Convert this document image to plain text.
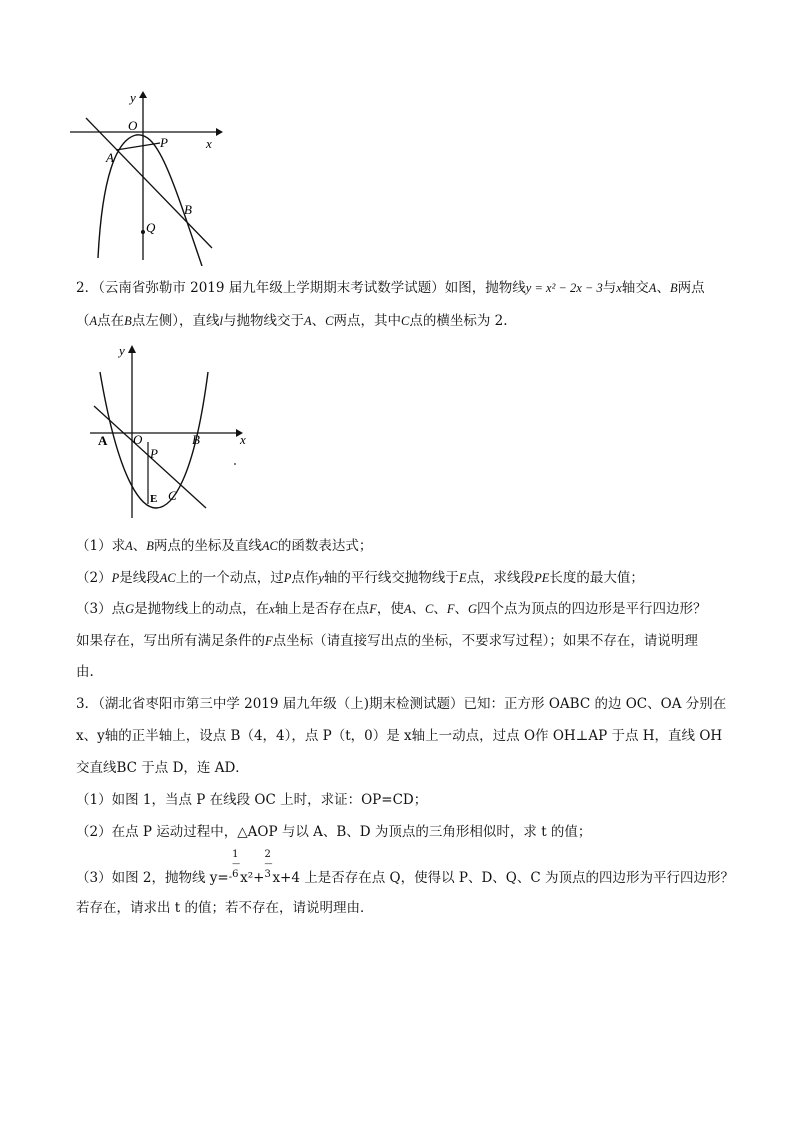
y
x
O
P
A
B
Q
2．（云南省弥勒市 2019 届九年级上学期期末考试数学试题）如图，抛物线y = x² − 2x − 3与x轴交A、B两点
（A点在B点左侧），直线l与抛物线交于A、C两点，其中C点的横坐标为 2.
y
x
A O	B
P
E C
（1）求A、B两点的坐标及直线AC的函数表达式；
（2）P是线段AC上的一个动点，过P点作y轴的平行线交抛物线于E点，求线段PE长度的最大值；
（3）点G是抛物线上的动点，在x轴上是否存在点F，使A、C、F、G四个点为顶点的四边形是平行四边形？
如果存在，写出所有满足条件的F点坐标（请直接写出点的坐标，不要求写过程）；如果不存在，请说明理
由.
3．（湖北省枣阳市第三中学 2019 届九年级（上)期末检测试题）已知：正方形 OABC 的边 OC、OA 分别在
x、y轴的正半轴上，设点 B（4，4），点 P（t，0）是 x轴上一动点，过点 O作 OH⊥AP 于点 H，直线 OH
交直线BC 于点 D，连 AD．
（1）如图 1，当点 P 在线段 OC 上时，求证：OP=CD；
（2）在点 P 运动过程中，△AOP 与以 A、B、D 为顶点的三角形相似时，求 t 的值；
（3）如图 2，抛物线 y=-
1
—
6 x²+
2
—
3 x+4 上是否存在点 Q，使得以 P、D、Q、C 为顶点的四边形为平行四边形？
若存在，请求出 t 的值；若不存在，请说明理由．
